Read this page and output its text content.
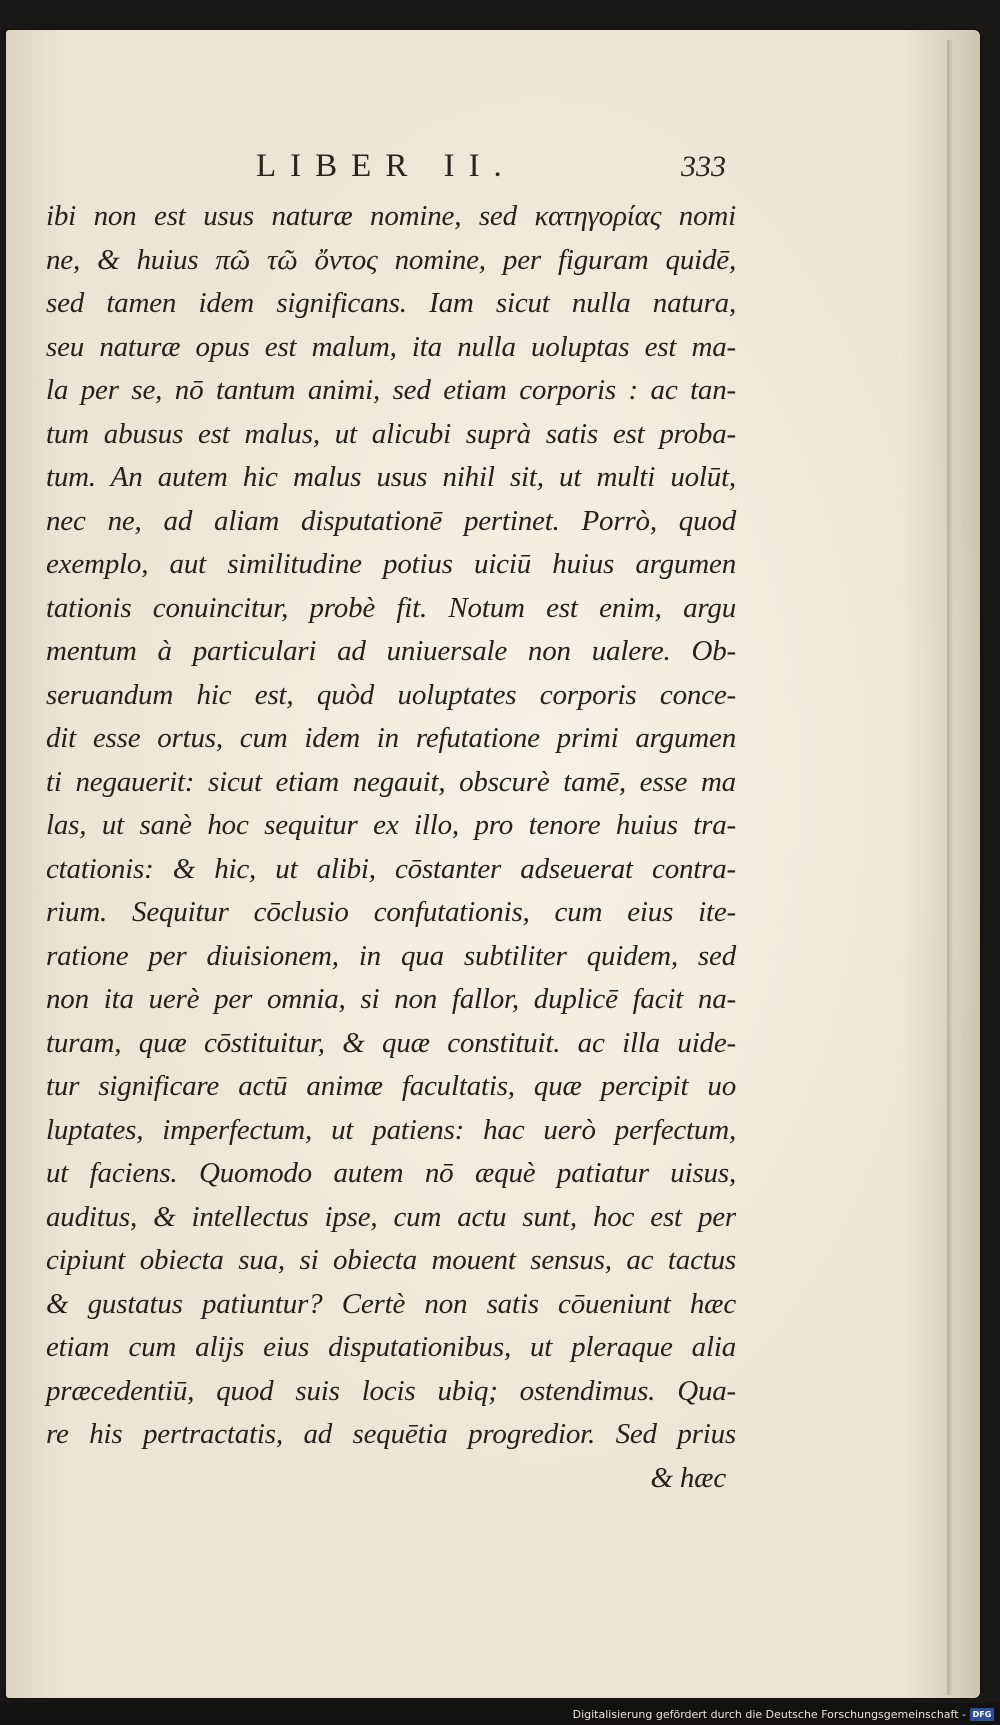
LIBER II.	333
ibi non est usus naturæ nomine, sed κατηγορίας nomi
ne, & huius πῶ τῶ ὄντος nomine, per figuram quidē,
sed tamen idem significans. Iam sicut nulla natura,
seu naturæ opus est malum, ita nulla uoluptas est ma-
la per se, nō tantum animi, sed etiam corporis : ac tan-
tum abusus est malus, ut alicubi suprà satis est proba-
tum. An autem hic malus usus nihil sit, ut multi uolūt,
nec ne, ad aliam disputationē pertinet. Porrò, quod
exemplo, aut similitudine potius uiciū huius argumen
tationis conuincitur, probè fit. Notum est enim, argu
mentum à particulari ad uniuersale non ualere. Ob-
seruandum hic est, quòd uoluptates corporis conce-
dit esse ortus, cum idem in refutatione primi argumen
ti negauerit: sicut etiam negauit, obscurè tamē, esse ma
las, ut sanè hoc sequitur ex illo, pro tenore huius tra-
ctationis: & hic, ut alibi, cōstanter adseuerat contra-
rium. Sequitur cōclusio confutationis, cum eius ite-
ratione per diuisionem, in qua subtiliter quidem, sed
non ita uerè per omnia, si non fallor, duplicē facit na-
turam, quæ cōstituitur, & quæ constituit. ac illa uide-
tur significare actū animæ facultatis, quæ percipit uo
luptates, imperfectum, ut patiens: hac uerò perfectum,
ut faciens. Quomodo autem nō æquè patiatur uisus,
auditus, & intellectus ipse, cum actu sunt, hoc est per
cipiunt obiecta sua, si obiecta mouent sensus, ac tactus
& gustatus patiuntur? Certè non satis cōueniunt hæc
etiam cum alijs eius disputationibus, ut pleraque alia
præcedentiū, quod suis locis ubiq; ostendimus. Qua-
re his pertractatis, ad sequētia progredior. Sed prius
& hæc
Digitalisierung gefördert durch die Deutsche Forschungsgemeinschaft - DFG
